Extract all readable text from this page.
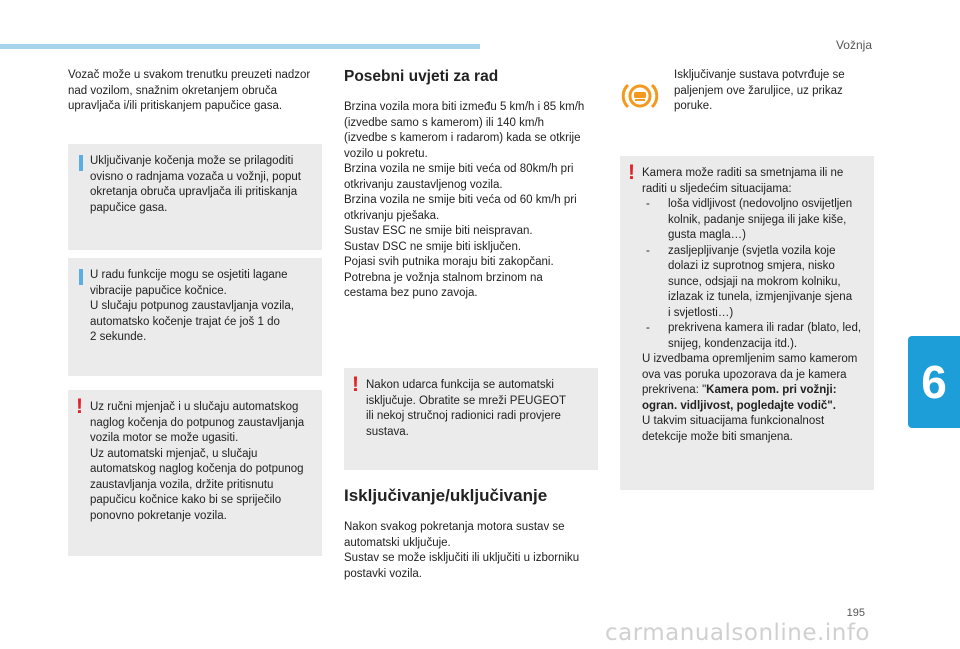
Vožnja
6
195
carmanualsonline.info

Vozač može u svakom trenutku preuzeti nadzor
nad vozilom, snažnim okretanjem obruča
upravljača i/ili pritiskanjem papučice gasa.

Uključivanje kočenja može se prilagoditi
ovisno o radnjama vozača u vožnji, poput
okretanja obruča upravljača ili pritiskanja
papučice gasa.

U radu funkcije mogu se osjetiti lagane
vibracije papučice kočnice.
U slučaju potpunog zaustavljanja vozila,
automatsko kočenje trajat će još 1 do
2 sekunde.

! Uz ručni mjenjač i u slučaju automatskog
naglog kočenja do potpunog zaustavljanja
vozila motor se može ugasiti.
Uz automatski mjenjač, u slučaju
automatskog naglog kočenja do potpunog
zaustavljanja vozila, držite pritisnutu
papučicu kočnice kako bi se spriječilo
ponovno pokretanje vozila.

Posebni uvjeti za rad

Brzina vozila mora biti između 5 km/h i 85 km/h
(izvedbe samo s kamerom) ili 140 km/h
(izvedbe s kamerom i radarom) kada se otkrije
vozilo u pokretu.
Brzina vozila ne smije biti veća od 80km/h pri
otkrivanju zaustavljenog vozila.
Brzina vozila ne smije biti veća od 60 km/h pri
otkrivanju pješaka.
Sustav ESC ne smije biti neispravan.
Sustav DSC ne smije biti isključen.
Pojasi svih putnika moraju biti zakopčani.
Potrebna je vožnja stalnom brzinom na
cestama bez puno zavoja.

! Nakon udarca funkcija se automatski
isključuje. Obratite se mreži PEUGEOT
ili nekoj stručnoj radionici radi provjere
sustava.

Isključivanje/uključivanje

Nakon svakog pokretanja motora sustav se
automatski uključuje.
Sustav se može isključiti ili uključiti u izborniku
postavki vozila.

Isključivanje sustava potvrđuje se
paljenjem ove žaruljice, uz prikaz
poruke.

! Kamera može raditi sa smetnjama ili ne
raditi u sljedećim situacijama:
- loša vidljivost (nedovoljno osvijetljen
kolnik, padanje snijega ili jake kiše,
gusta magla…)
- zasljepljivanje (svjetla vozila koje
dolazi iz suprotnog smjera, nisko
sunce, odsjaji na mokrom kolniku,
izlazak iz tunela, izmjenjivanje sjena
i svjetlosti…)
- prekrivena kamera ili radar (blato, led,
snijeg, kondenzacija itd.).
U izvedbama opremljenim samo kamerom
ova vas poruka upozorava da je kamera
prekrivena: "Kamera pom. pri vožnji:
ogran. vidljivost, pogledajte vodič".
U takvim situacijama funkcionalnost
detekcije može biti smanjena.
